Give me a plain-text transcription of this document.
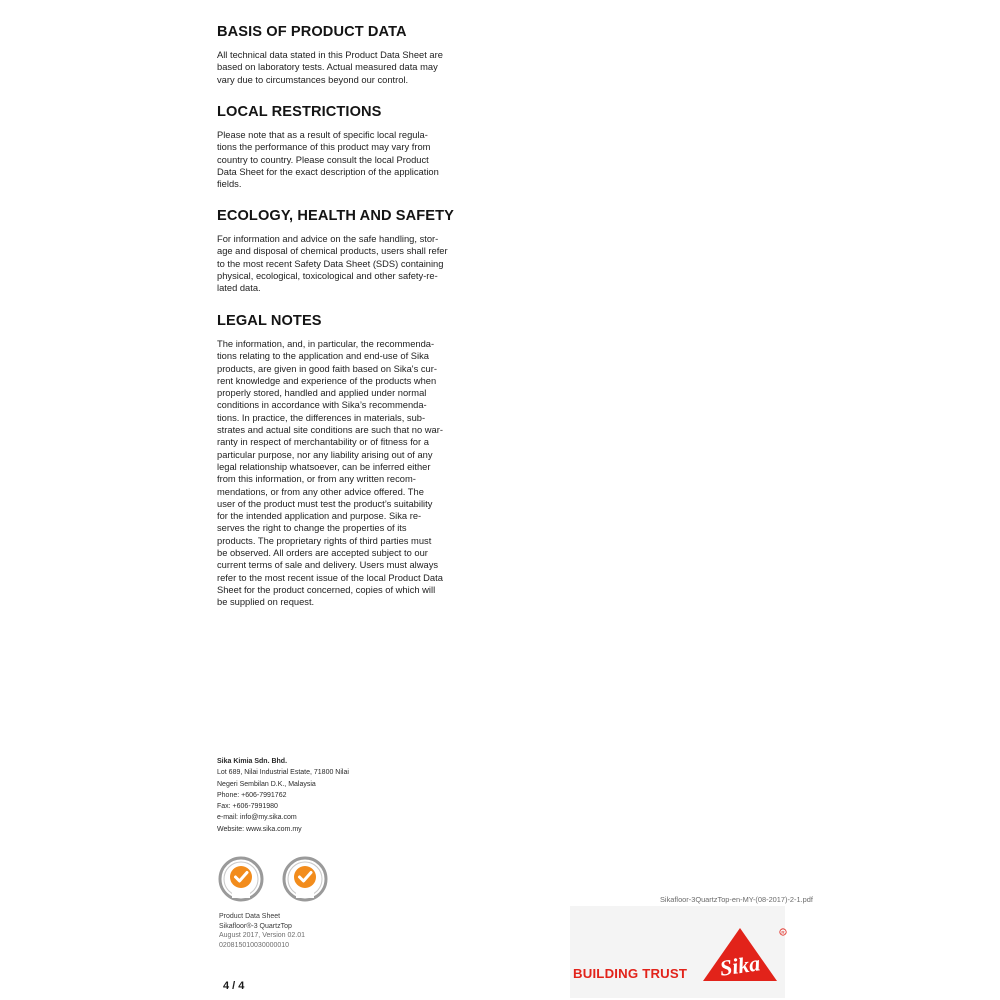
BASIS OF PRODUCT DATA

All technical data stated in this Product Data Sheet are
based on laboratory tests. Actual measured data may
vary due to circumstances beyond our control.

LOCAL RESTRICTIONS

Please note that as a result of specific local regula-
tions the performance of this product may vary from
country to country. Please consult the local Product
Data Sheet for the exact description of the application
fields.

ECOLOGY, HEALTH AND SAFETY

For information and advice on the safe handling, stor-
age and disposal of chemical products, users shall refer
to the most recent Safety Data Sheet (SDS) containing
physical, ecological, toxicological and other safety-re-
lated data.

LEGAL NOTES

The information, and, in particular, the recommenda-
tions relating to the application and end-use of Sika
products, are given in good faith based on Sika's cur-
rent knowledge and experience of the products when
properly stored, handled and applied under normal
conditions in accordance with Sika’s recommenda-
tions. In practice, the differences in materials, sub-
strates and actual site conditions are such that no war-
ranty in respect of merchantability or of fitness for a
particular purpose, nor any liability arising out of any
legal relationship whatsoever, can be inferred either
from this information, or from any written recom-
mendations, or from any other advice offered. The
user of the product must test the product’s suitability
for the intended application and purpose. Sika re-
serves the right to change the properties of its
products. The proprietary rights of third parties must
be observed. All orders are accepted subject to our
current terms of sale and delivery. Users must always
refer to the most recent issue of the local Product Data
Sheet for the product concerned, copies of which will
be supplied on request.

Sika Kimia Sdn. Bhd.
Lot 689, Nilai Industrial Estate, 71800 Nilai
Negeri Sembilan D.K., Malaysia
Phone: +606-7991762
Fax: +606-7991980
e-mail: info@my.sika.com
Website: www.sika.com.my
Product Data Sheet
Sikafloor®-3 QuartzTop
August 2017, Version 02.01
020815010030000010
4 / 4
Sikafloor-3QuartzTop-en-MY-(08-2017)-2-1.pdf
BUILDING TRUST Sika
R
